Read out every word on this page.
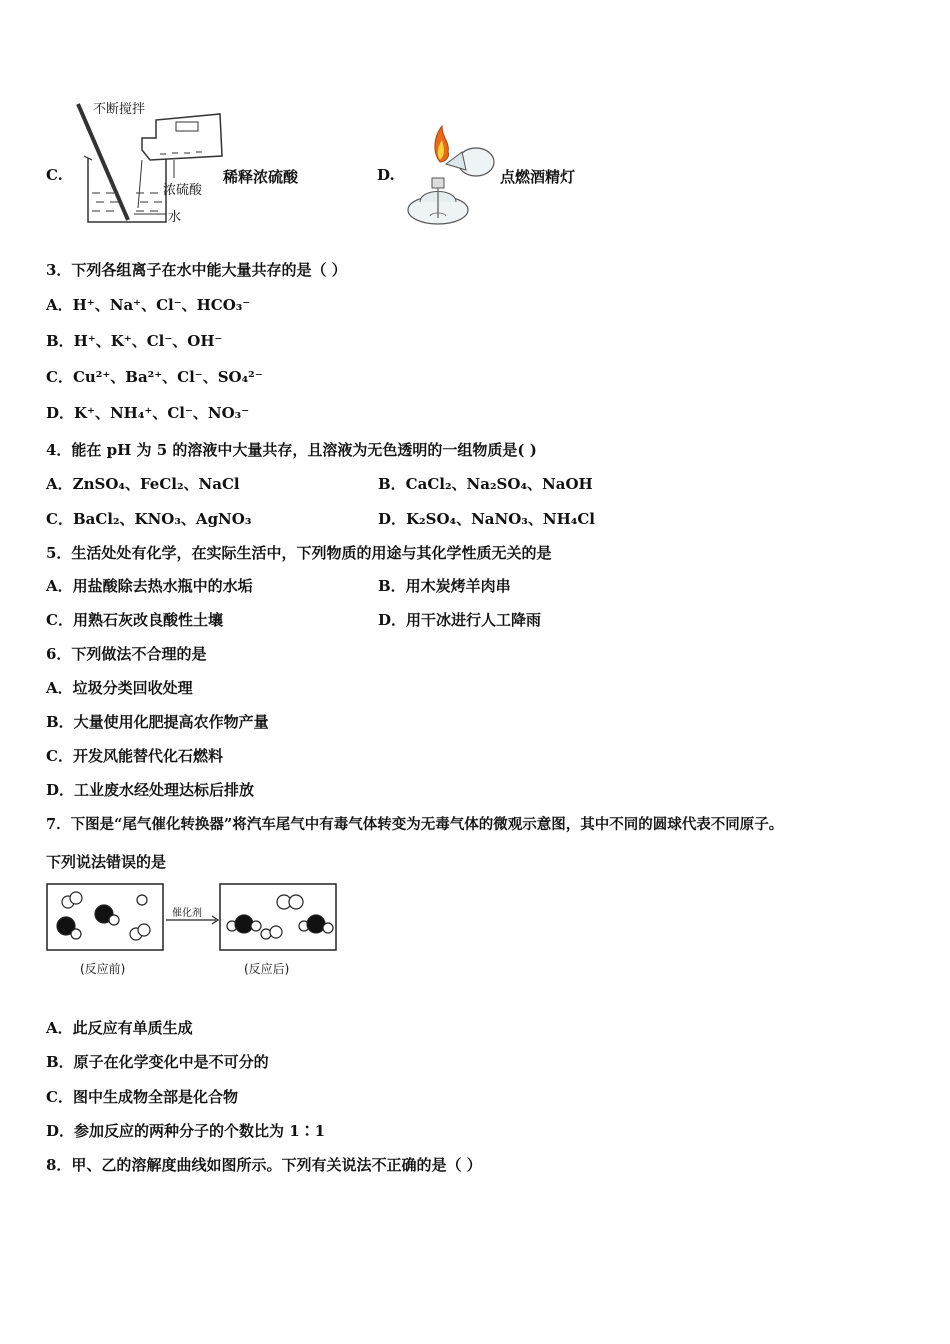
C.
不断搅拌
浓硫酸
水
稀释浓硫酸	D.	点燃酒精灯
3．下列各组离子在水中能大量共存的是（ ）
A．H⁺、Na⁺、Cl⁻、HCO₃⁻
B．H⁺、K⁺、Cl⁻、OH⁻
C．Cu²⁺、Ba²⁺、Cl⁻、SO₄²⁻
D．K⁺、NH₄⁺、Cl⁻、NO₃⁻
4．能在 pH 为 5 的溶液中大量共存，且溶液为无色透明的一组物质是( )
A．ZnSO₄、FeCl₂、NaCl	B．CaCl₂、Na₂SO₄、NaOH
C．BaCl₂、KNO₃、AgNO₃	D．K₂SO₄、NaNO₃、NH₄Cl
5．生活处处有化学，在实际生活中，下列物质的用途与其化学性质无关的是
A．用盐酸除去热水瓶中的水垢	B．用木炭烤羊肉串
C．用熟石灰改良酸性土壤	D．用干冰进行人工降雨
6．下列做法不合理的是
A．垃圾分类回收处理
B．大量使用化肥提高农作物产量
C．开发风能替代化石燃料
D．工业废水经处理达标后排放
7．下图是“尾气催化转换器”将汽车尾气中有毒气体转变为无毒气体的微观示意图，其中不同的圆球代表不同原子。
下列说法错误的是
催化剂
(反应前)	(反应后)
A．此反应有单质生成
B．原子在化学变化中是不可分的
C．图中生成物全部是化合物
D．参加反应的两种分子的个数比为 1∶1
8．甲、乙的溶解度曲线如图所示。下列有关说法不正确的是（ ）
